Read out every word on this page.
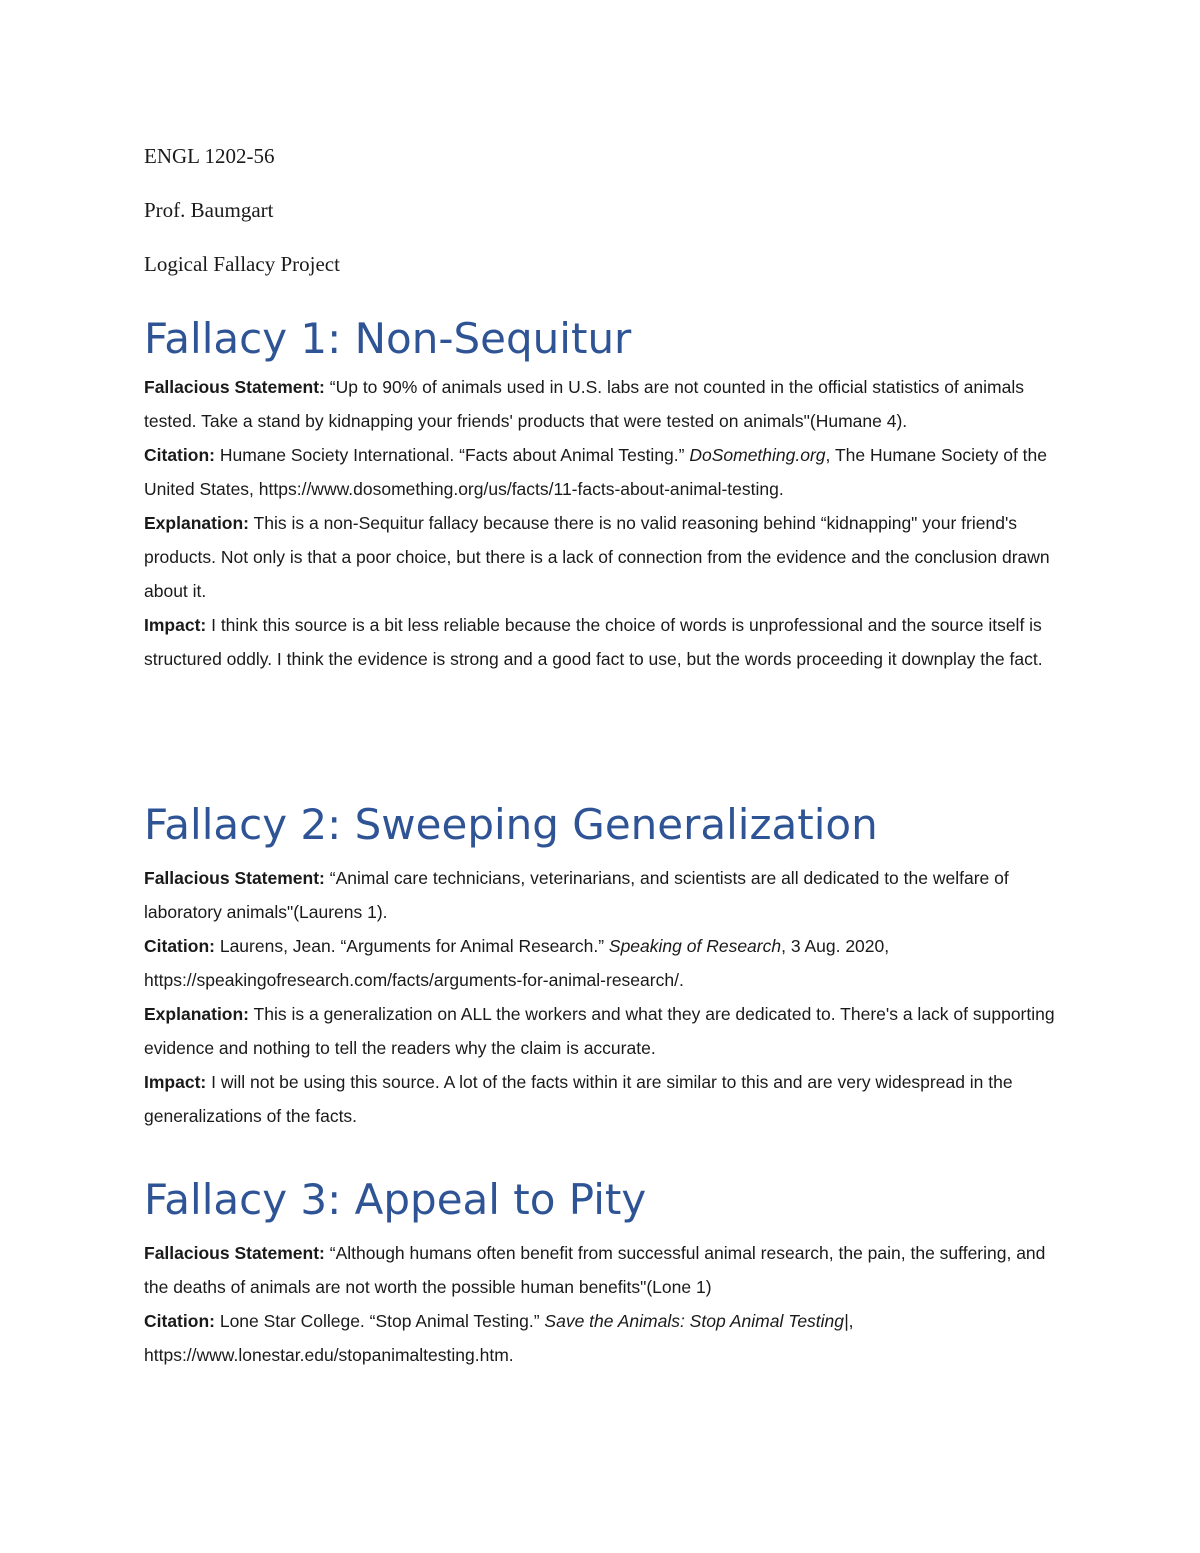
ENGL 1202-56
Prof. Baumgart
Logical Fallacy Project
Fallacy 1: Non-Sequitur

Fallacious Statement: “Up to 90% of animals used in U.S. labs are not counted in the official statistics of animals tested. Take a stand by kidnapping your friends' products that were tested on animals"(Humane 4).

Citation: Humane Society International. “Facts about Animal Testing.” DoSomething.org, The Humane Society of the United States, https://www.dosomething.org/us/facts/11-facts-about-animal-testing.

Explanation: This is a non-Sequitur fallacy because there is no valid reasoning behind “kidnapping" your friend's products. Not only is that a poor choice, but there is a lack of connection from the evidence and the conclusion drawn about it.

Impact: I think this source is a bit less reliable because the choice of words is unprofessional and the source itself is structured oddly. I think the evidence is strong and a good fact to use, but the words proceeding it downplay the fact.

Fallacy 2: Sweeping Generalization

Fallacious Statement: “Animal care technicians, veterinarians, and scientists are all dedicated to the welfare of laboratory animals"(Laurens 1).

Citation: Laurens, Jean. “Arguments for Animal Research.” Speaking of Research, 3 Aug. 2020, https://speakingofresearch.com/facts/arguments-for-animal-research/.

Explanation: This is a generalization on ALL the workers and what they are dedicated to. There's a lack of supporting evidence and nothing to tell the readers why the claim is accurate.

Impact: I will not be using this source. A lot of the facts within it are similar to this and are very widespread in the generalizations of the facts.

Fallacy 3: Appeal to Pity

Fallacious Statement: “Although humans often benefit from successful animal research, the pain, the suffering, and the deaths of animals are not worth the possible human benefits"(Lone 1)

Citation: Lone Star College. “Stop Animal Testing.” Save the Animals: Stop Animal Testing|, https://www.lonestar.edu/stopanimaltesting.htm.
